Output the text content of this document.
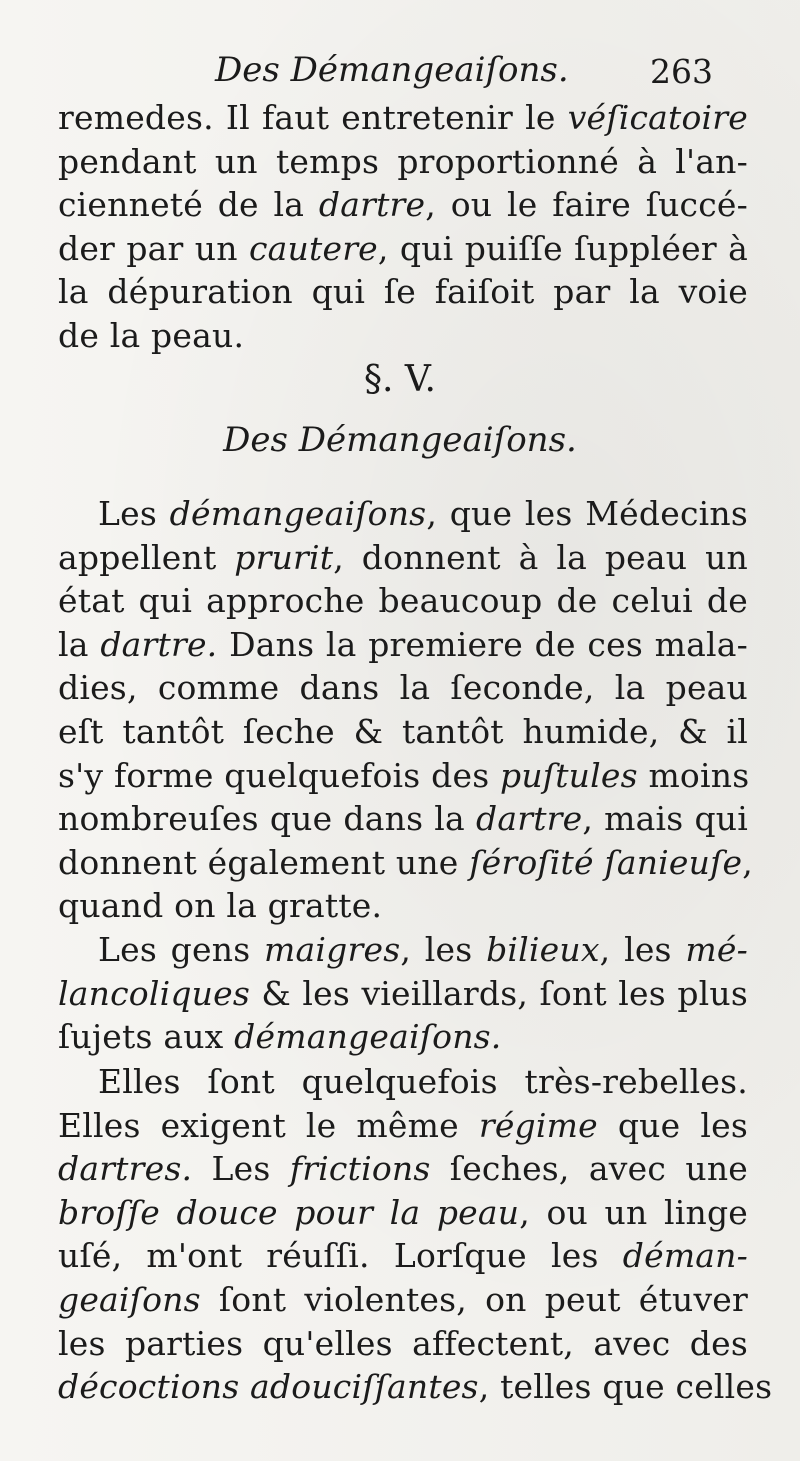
Des Démangeaiſons. 263
remedes. Il faut entretenir le véſicatoire
pendant un temps proportionné à l'an-
cienneté de la dartre, ou le faire ſuccé-
der par un cautere, qui puiſſe ſuppléer à
la dépuration qui ſe faiſoit par la voie
de la peau.
§. V.
Des Démangeaiſons.
Les démangeaiſons, que les Médecins
appellent prurit, donnent à la peau un
état qui approche beaucoup de celui de
la dartre. Dans la premiere de ces mala-
dies, comme dans la ſeconde, la peau
eſt tantôt ſeche & tantôt humide, & il
s'y forme quelquefois des puſtules moins
nombreuſes que dans la dartre, mais qui
donnent également une ſéroſité ſanieuſe,
quand on la gratte.
Les gens maigres, les bilieux, les mé-
lancoliques & les vieillards, ſont les plus
ſujets aux démangeaiſons.
Elles ſont quelquefois très-rebelles.
Elles exigent le même régime que les
dartres. Les frictions ſeches, avec une
broſſe douce pour la peau, ou un linge
uſé, m'ont réuſſi. Lorſque les déman-
geaiſons ſont violentes, on peut étuver
les parties qu'elles affectent, avec des
décoctions adouciſſantes, telles que celles
